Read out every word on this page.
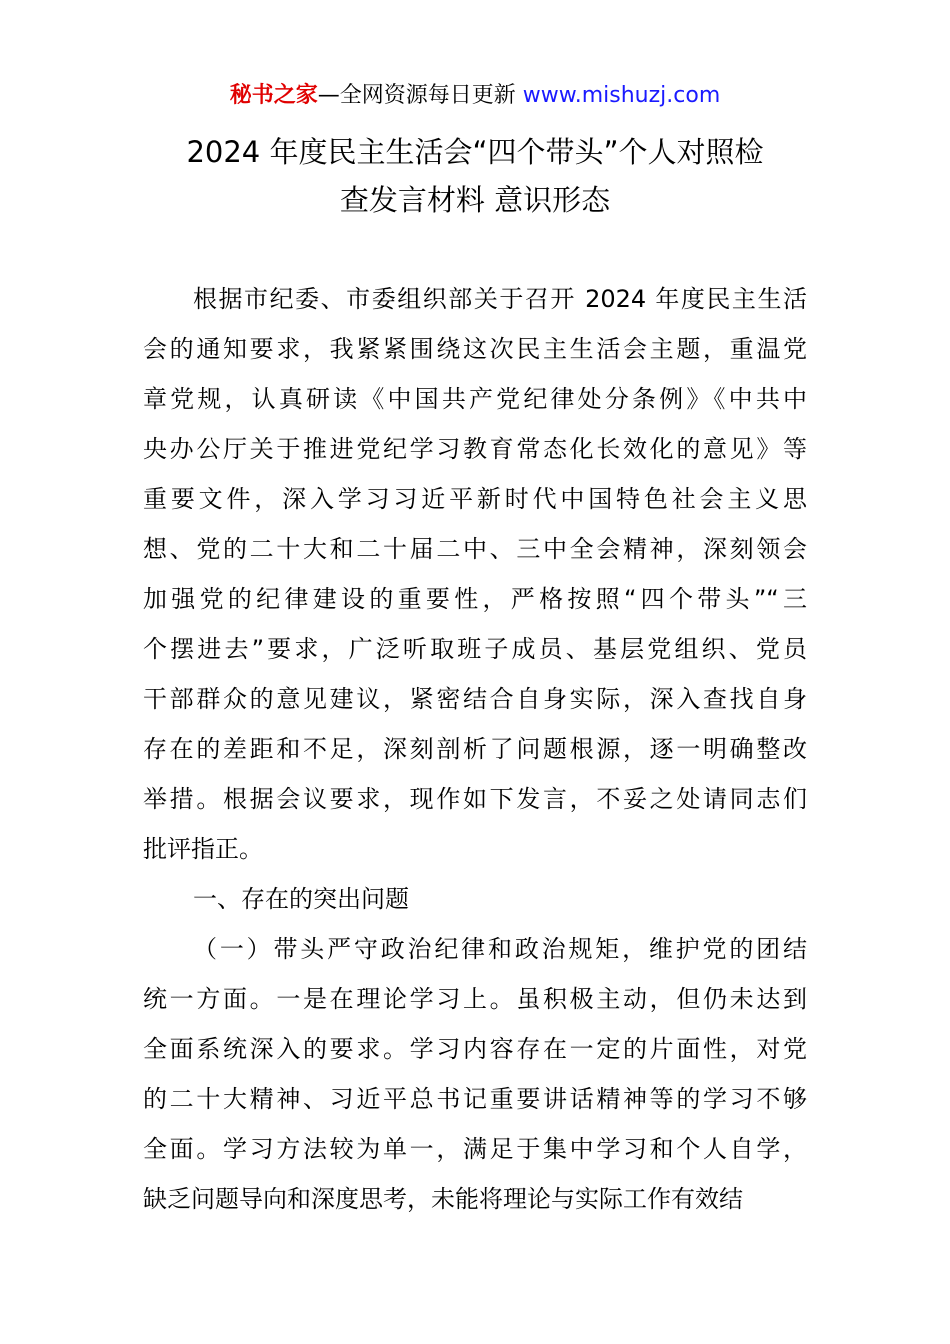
秘书之家—全网资源每日更新 www.mishuzj.com
2024 年度民主生活会“四个带头”个人对照检
查发言材料 意识形态
根据市纪委、市委组织部关于召开 2024 年度民主生活
会的通知要求，我紧紧围绕这次民主生活会主题，重温党
章党规，认真研读《中国共产党纪律处分条例》《中共中
央办公厅关于推进党纪学习教育常态化长效化的意见》等
重要文件，深入学习习近平新时代中国特色社会主义思
想、党的二十大和二十届二中、三中全会精神，深刻领会
加强党的纪律建设的重要性，严格按照“四个带头”“三
个摆进去”要求，广泛听取班子成员、基层党组织、党员
干部群众的意见建议，紧密结合自身实际，深入查找自身
存在的差距和不足，深刻剖析了问题根源，逐一明确整改
举措。根据会议要求，现作如下发言，不妥之处请同志们
批评指正。
一、存在的突出问题
（一）带头严守政治纪律和政治规矩，维护党的团结
统一方面。一是在理论学习上。虽积极主动，但仍未达到
全面系统深入的要求。学习内容存在一定的片面性，对党
的二十大精神、习近平总书记重要讲话精神等的学习不够
全面。学习方法较为单一，满足于集中学习和个人自学，
缺乏问题导向和深度思考，未能将理论与实际工作有效结
